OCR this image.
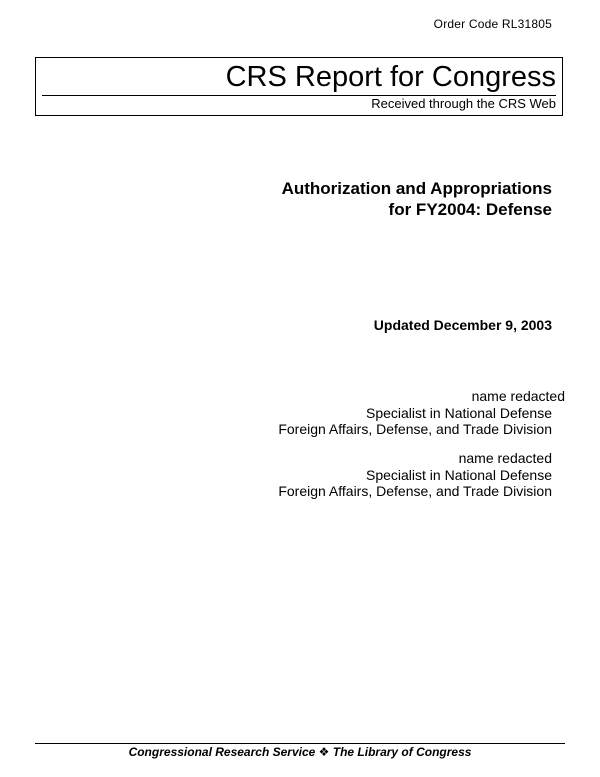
Order Code RL31805
CRS Report for Congress
Received through the CRS Web
Authorization and Appropriations
for FY2004: Defense
Updated December 9, 2003
name redacted
Specialist in National Defense
Foreign Affairs, Defense, and Trade Division
name redacted
Specialist in National Defense
Foreign Affairs, Defense, and Trade Division
Congressional Research Service ❖ The Library of Congress
